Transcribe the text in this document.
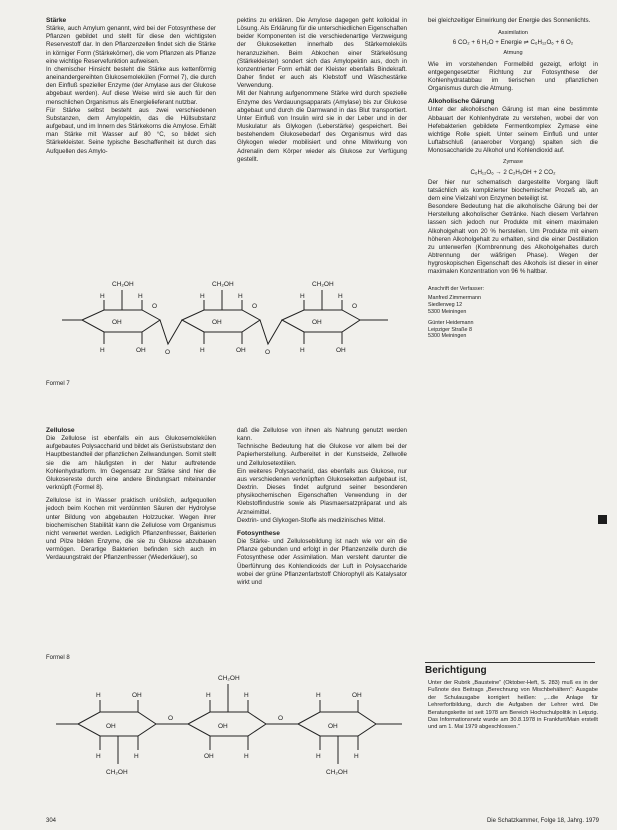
Stärke

Stärke, auch Amylum genannt, wird bei der Fotosynthese der Pflanzen gebildet und stellt für diese den wichtigsten Reservestoff dar. In den Pflanzenzellen findet sich die Stärke in körniger Form (Stärkekörner), die vom Pflanzen als Pflanze eine wichtige Reservefunktion aufweisen.

In chemischer Hinsicht besteht die Stärke aus kettenförmig aneinandergereihten Glukosemolekülen (Formel 7), die durch den Einfluß spezieller Enzyme (der Amylase aus der Glukose abgebaut werden). Auf diese Weise wird sie auch für den menschlichen Organismus als Energielieferant nutzbar.

Für Stärke selbst besteht aus zwei verschiedenen Substanzen, dem Amylopektin, das die Hüllsubstanz aufgebaut, und im Innern des Stärkekorns die Amylose. Erhält man Stärke mit Wasser auf 80 °C, so bildet sich Stärkekleister. Seine typische Beschaffenheit ist durch das Aufquellen des Amylo-

pektins zu erklären. Die Amylose dagegen geht kolloidal in Lösung. Als Erklärung für die unterschiedlichen Eigenschaften beider Komponenten ist die verschiedenartige Verzweigung der Glukoseketten innerhalb des Stärkemoleküls heranzuziehen. Beim Abkochen einer Stärkelösung (Stärkekleister) sondert sich das Amylopektin aus, doch in konzentrierter Form erhält der Kleister ebenfalls Bindekraft. Daher findet er auch als Klebstoff und Wäschestärke Verwendung.

Mit der Nahrung aufgenommene Stärke wird durch spezielle Enzyme des Verdauungsapparats (Amylase) bis zur Glukose abgebaut und durch die Darmwand in das Blut transportiert. Unter Einfluß von Insulin wird sie in der Leber und in der Muskulatur als Glykogen (Leberstärke) gespeichert. Bei bestehendem Glukosebedarf des Organismus wird das Glykogen wieder mobilisiert und ohne Mitwirkung von Adrenalin dem Körper wieder als Glukose zur Verfügung gestellt.

bei gleichzeitiger Einwirkung der Energie des Sonnenlichts.

Assimilation
6 CO₂ + 6 H₂O + Energie ⇌ C₆H₁₂O₆ + 6 O₂
Atmung

Wie im vorstehenden Formelbild gezeigt, erfolgt in entgegengesetzter Richtung zur Fotosynthese der Kohlenhydratabbau im tierischen und pflanzlichen Organismus durch die Atmung.

Alkoholische Gärung

Unter der alkoholischen Gärung ist man eine bestimmte Abbauart der Kohlenhydrate zu verstehen, wobei der von Hefebakterien gebildete Fermentkomplex Zymase eine wichtige Rolle spielt. Unter seinem Einfluß und unter Luftabschluß (anaerober Vorgang) spalten sich die Monosaccharide zu Alkohol und Kohlendioxid auf.

Zymase
C₆H₁₂O₆ → 2 C₂H₅OH + 2 CO₂

Der hier nur schematisch dargestellte Vorgang läuft tatsächlich als komplizierter biochemischer Prozeß ab, an dem eine Vielzahl von Enzymen beteiligt ist.

Besondere Bedeutung hat die alkoholische Gärung bei der Herstellung alkoholischer Getränke. Nach diesem Verfahren lassen sich jedoch nur Produkte mit einem maximalen Alkoholgehalt von 20 % herstellen. Um Produkte mit einem höheren Alkoholgehalt zu erhalten, sind die einer Destillation zu unterwerfen (Kornbrennung des Alkoholgehaltes durch Abtrennung der wäßrigen Phase). Wegen der hygroskopischen Eigenschaft des Alkohols ist dieser in einer maximalen Konzentration von 96 % haltbar.

Anschrift der Verfasser:
Manfred Zimmermann
Siedlerweg 12
5300 Meiningen
Günter Heidemann
Leipziger Straße 8
5300 Meiningen
CH₂OH	CH₂OH	CH₂OH
H	H	H
O	O	O
OH	OH	OH
H	H	H
H	OH	H	OH	H	OH
O	O
Formel 7
Zellulose

Die Zellulose ist ebenfalls ein aus Glukosemolekülen aufgebautes Polysaccharid und bildet als Gerüstsubstanz den Hauptbestandteil der pflanzlichen Zellwandungen. Somit stellt sie die am häufigsten in der Natur auftretende Kohlenhydratform. Im Gegensatz zur Stärke sind hier die Glukosereste durch eine andere Bindungsart miteinander verknüpft (Formel 8).

Zellulose ist in Wasser praktisch unlöslich, aufgequollen jedoch beim Kochen mit verdünnten Säuren der Hydrolyse unter Bildung von abgebauten Holzzucker. Wegen ihrer biochemischen Stabilität kann die Zellulose vom Organismus nicht verwertet werden. Lediglich Pflanzenfresser, Bakterien und Pilze bilden Enzyme, die sie zu Glukose abzubauen vermögen. Derartige Bakterien befinden sich auch im Verdauungstrakt der Pflanzenfresser (Wiederkäuer), so

daß die Zellulose von ihnen als Nahrung genutzt werden kann.

Technische Bedeutung hat die Glukose vor allem bei der Papierherstellung. Aufbereitet in der Kunstseide, Zellwolle und Zellulosetextilien.

Ein weiteres Polysaccharid, das ebenfalls aus Glukose, nur aus verschiedenen verknüpften Glukoseketten aufgebaut ist, Dextrin. Dieses findet aufgrund seiner besonderen physikochemischen Eigenschaften Verwendung in der Klebstoffindustrie sowie als Plasmaersatzpräparat und als Arzneimittel.

Dextrin- und Glykogen-Stoffe als medizinisches Mittel.

Fotosynthese

Die Stärke- und Zellulosebildung ist nach wie vor ein die Pflanze gebunden und erfolgt in der Pflanzenzelle durch die Fotosynthese oder Assimilation. Man versteht darunter die Überführung des Kohlendioxids der Luft in Polysaccharide wobei der grüne Pflanzenfarbstoff Chlorophyll als Katalysator wirkt und

Formel 8
CH₂OH
CH₂OH	CH₂OH
H	OH	H	H	H	OH
O	O
OH	OH	OH
H	H	OH	H	H	H
Berichtigung

Unter der Rubrik „Bausteine“ (Oktober-Heft, S. 283) muß es in der Fußnote des Beitrags „Berechnung von Mischbehältern“: Ausgabe der Schulausgabe korrigiert heißen: „...die Anlage für Lehrerfortbildung, durch die Aufgaben der Lehrer wird. Die Beratungskette ist seit 1978 am Bereich Hochschulpolitik in Leipzig. Das Informationsnetz wurde am 30.8.1978 in Frankfurt/Main erstellt und am 1. Mai 1979 abgeschlossen.“

304	Die Schatzkammer, Folge 18, Jahrg. 1979
